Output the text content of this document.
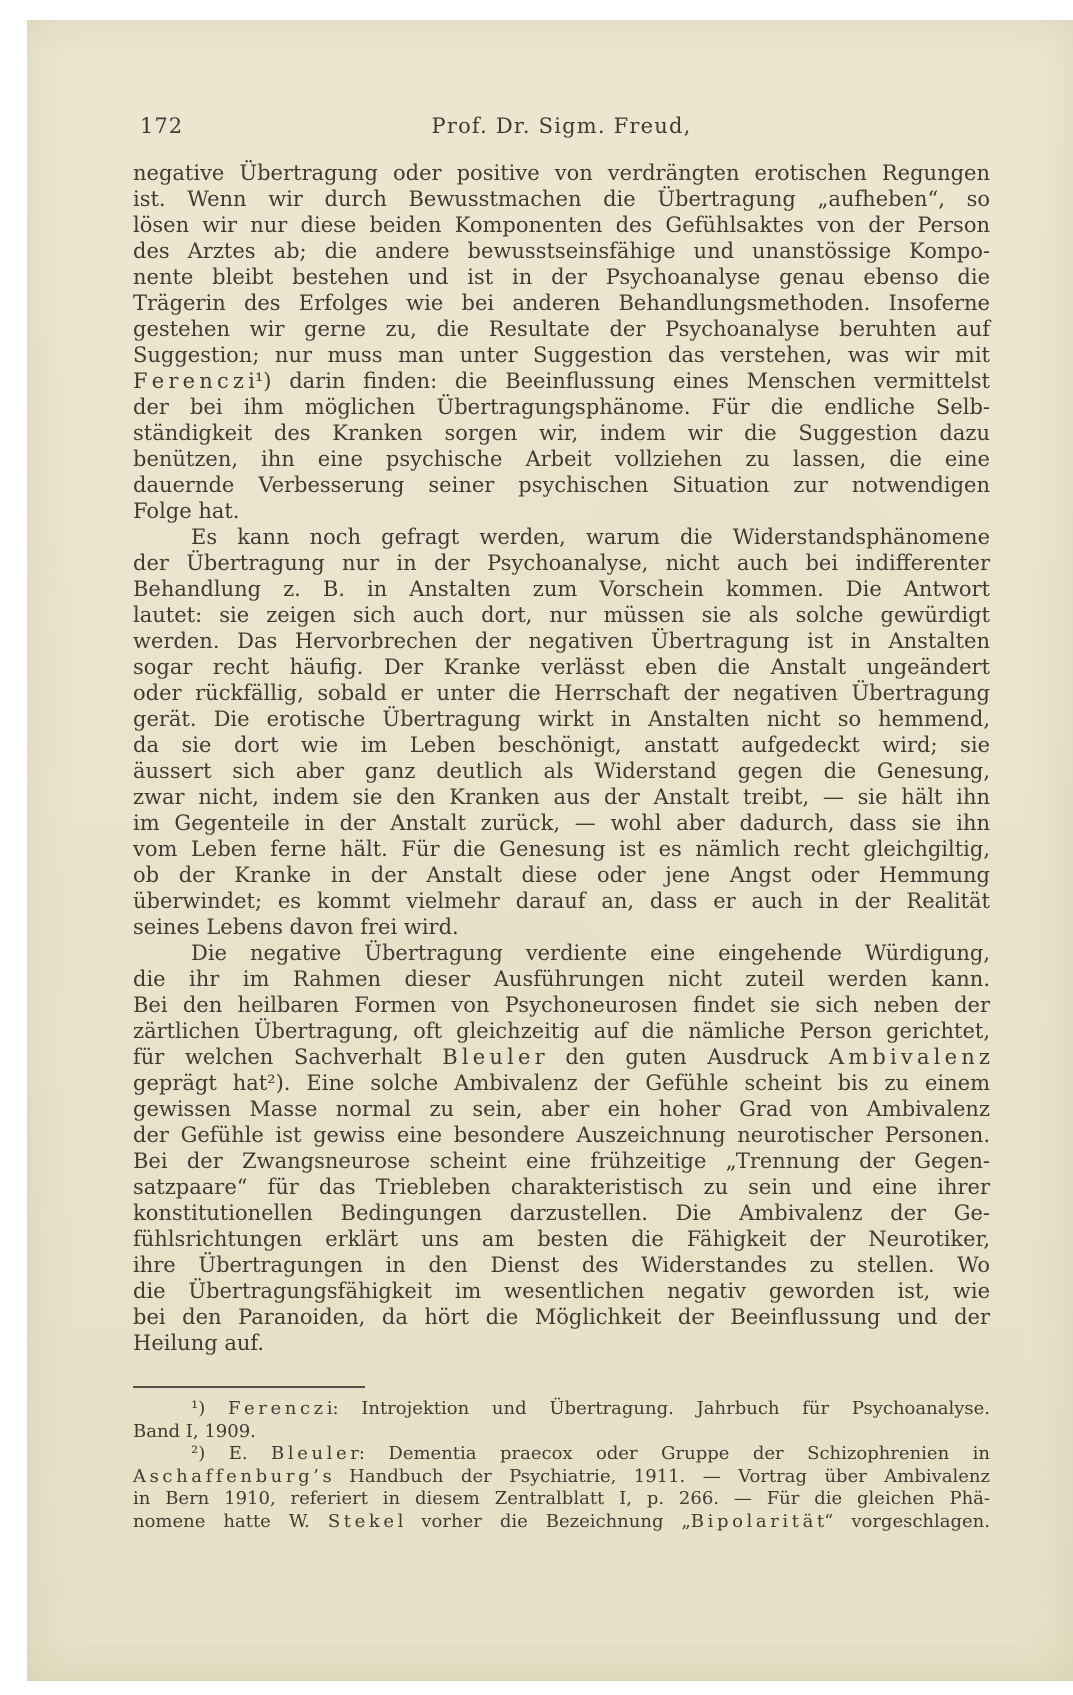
172	Prof. Dr. Sigm. Freud,
negative Übertragung oder positive von verdrängten erotischen Regungen
ist. Wenn wir durch Bewusstmachen die Übertragung „aufheben“, so
lösen wir nur diese beiden Komponenten des Gefühlsaktes von der Person
des Arztes ab; die andere bewusstseinsfähige und unanstössige Kompo-
nente bleibt bestehen und ist in der Psychoanalyse genau ebenso die
Trägerin des Erfolges wie bei anderen Behandlungsmethoden. Insoferne
gestehen wir gerne zu, die Resultate der Psychoanalyse beruhten auf
Suggestion; nur muss man unter Suggestion das verstehen, was wir mit
F e r e n c z i¹) darin finden: die Beeinflussung eines Menschen vermittelst
der bei ihm möglichen Übertragungsphänome. Für die endliche Selb-
ständigkeit des Kranken sorgen wir, indem wir die Suggestion dazu
benützen, ihn eine psychische Arbeit vollziehen zu lassen, die eine
dauernde Verbesserung seiner psychischen Situation zur notwendigen
Folge hat.
Es kann noch gefragt werden, warum die Widerstandsphänomene
der Übertragung nur in der Psychoanalyse, nicht auch bei indifferenter
Behandlung z. B. in Anstalten zum Vorschein kommen. Die Antwort
lautet: sie zeigen sich auch dort, nur müssen sie als solche gewürdigt
werden. Das Hervorbrechen der negativen Übertragung ist in Anstalten
sogar recht häufig. Der Kranke verlässt eben die Anstalt ungeändert
oder rückfällig, sobald er unter die Herrschaft der negativen Übertragung
gerät. Die erotische Übertragung wirkt in Anstalten nicht so hemmend,
da sie dort wie im Leben beschönigt, anstatt aufgedeckt wird; sie
äussert sich aber ganz deutlich als Widerstand gegen die Genesung,
zwar nicht, indem sie den Kranken aus der Anstalt treibt, — sie hält ihn
im Gegenteile in der Anstalt zurück, — wohl aber dadurch, dass sie ihn
vom Leben ferne hält. Für die Genesung ist es nämlich recht gleichgiltig,
ob der Kranke in der Anstalt diese oder jene Angst oder Hemmung
überwindet; es kommt vielmehr darauf an, dass er auch in der Realität
seines Lebens davon frei wird.
Die negative Übertragung verdiente eine eingehende Würdigung,
die ihr im Rahmen dieser Ausführungen nicht zuteil werden kann.
Bei den heilbaren Formen von Psychoneurosen findet sie sich neben der
zärtlichen Übertragung, oft gleichzeitig auf die nämliche Person gerichtet,
für welchen Sachverhalt B l e u l e r den guten Ausdruck A m b i v a l e n z
geprägt hat²). Eine solche Ambivalenz der Gefühle scheint bis zu einem
gewissen Masse normal zu sein, aber ein hoher Grad von Ambivalenz
der Gefühle ist gewiss eine besondere Auszeichnung neurotischer Personen.
Bei der Zwangsneurose scheint eine frühzeitige „Trennung der Gegen-
satzpaare“ für das Triebleben charakteristisch zu sein und eine ihrer
konstitutionellen Bedingungen darzustellen. Die Ambivalenz der Ge-
fühlsrichtungen erklärt uns am besten die Fähigkeit der Neurotiker,
ihre Übertragungen in den Dienst des Widerstandes zu stellen. Wo
die Übertragungsfähigkeit im wesentlichen negativ geworden ist, wie
bei den Paranoiden, da hört die Möglichkeit der Beeinflussung und der
Heilung auf.
¹) F e r e n c z i: Introjektion und Übertragung. Jahrbuch für Psychoanalyse.
Band I, 1909.
²) E. B l e u l e r: Dementia praecox oder Gruppe der Schizophrenien in
A s c h a f f e n b u r g ’ s Handbuch der Psychiatrie, 1911. — Vortrag über Ambivalenz
in Bern 1910, referiert in diesem Zentralblatt I, p. 266. — Für die gleichen Phä-
nomene hatte W. S t e k e l vorher die Bezeichnung „B i p o l a r i t ä t“ vorgeschlagen.
